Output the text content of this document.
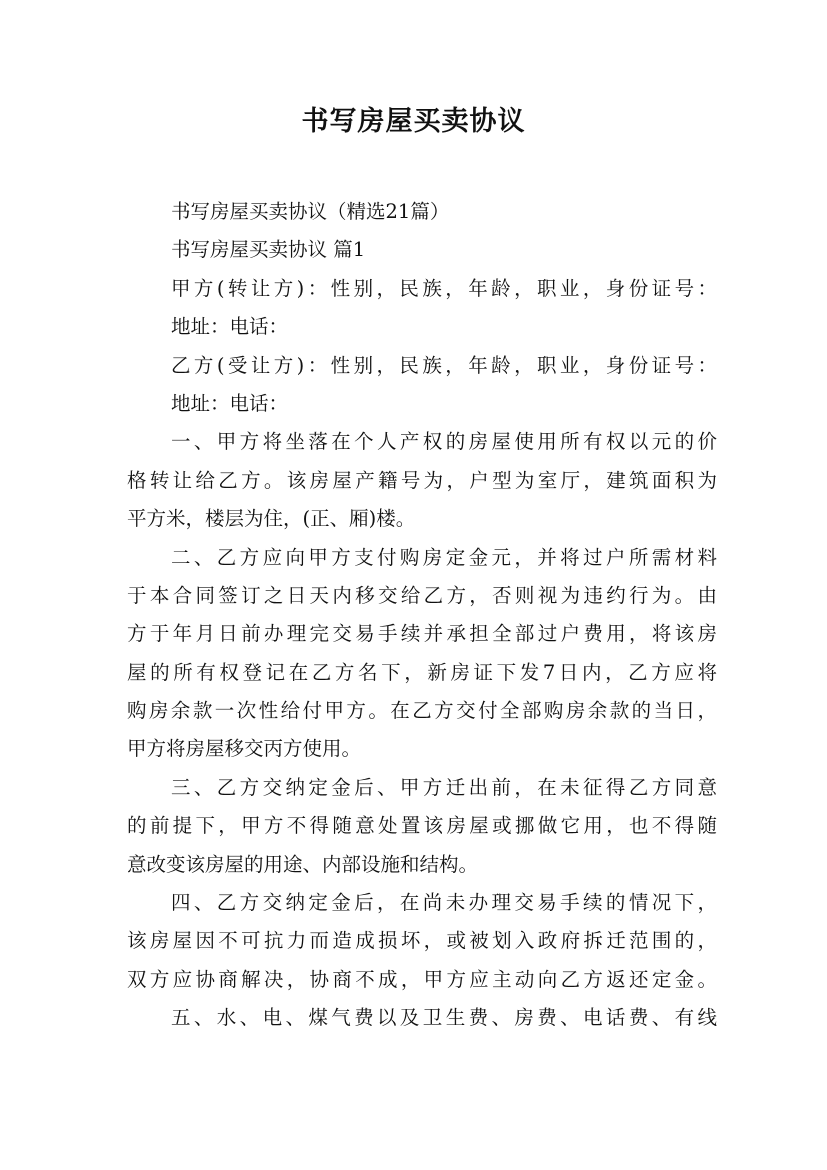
书写房屋买卖协议
书写房屋买卖协议（精选21篇）
书写房屋买卖协议 篇1
甲方(转让方)：性别，民族，年龄，职业，身份证号：
地址：电话：
乙方(受让方)：性别，民族，年龄，职业，身份证号：
地址：电话：
一、甲方将坐落在个人产权的房屋使用所有权以元的价
格转让给乙方。该房屋产籍号为，户型为室厅，建筑面积为
平方米，楼层为住，(正、厢)楼。
二、乙方应向甲方支付购房定金元，并将过户所需材料
于本合同签订之日天内移交给乙方，否则视为违约行为。由
方于年月日前办理完交易手续并承担全部过户费用，将该房
屋的所有权登记在乙方名下，新房证下发7日内，乙方应将
购房余款一次性给付甲方。在乙方交付全部购房余款的当日，
甲方将房屋移交丙方使用。
三、乙方交纳定金后、甲方迁出前，在未征得乙方同意
的前提下，甲方不得随意处置该房屋或挪做它用，也不得随
意改变该房屋的用途、内部设施和结构。
四、乙方交纳定金后，在尚未办理交易手续的情况下，
该房屋因不可抗力而造成损坏，或被划入政府拆迁范围的，
双方应协商解决，协商不成，甲方应主动向乙方返还定金。
五、水、电、煤气费以及卫生费、房费、电话费、有线
